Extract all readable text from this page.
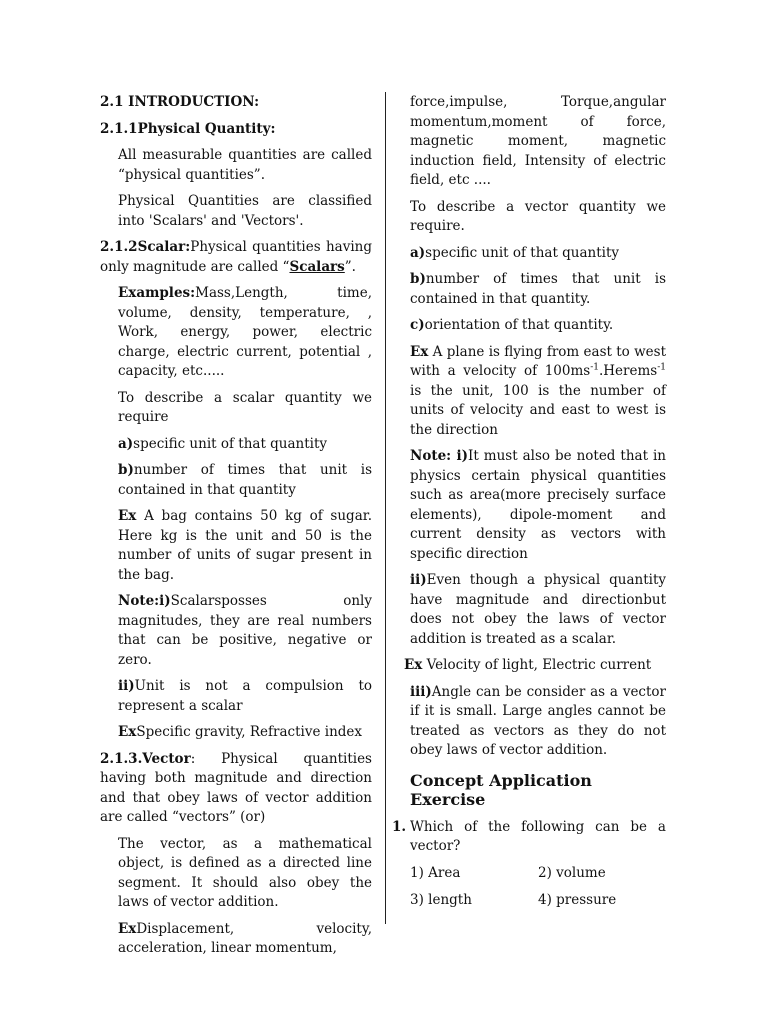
2.1 INTRODUCTION:
2.1.1Physical Quantity:
All measurable quantities are called “physical quantities”.
Physical Quantities are classified into 'Scalars' and 'Vectors'.
2.1.2Scalar:Physical quantities having only magnitude are called “Scalars”.
Examples:Mass,Length, time, volume, density, temperature, , Work, energy, power, electric charge, electric current, potential , capacity, etc.....
To describe a scalar quantity we require
a)specific unit of that quantity
b)number of times that unit is contained in that quantity
Ex A bag contains 50 kg of sugar. Here kg is the unit and 50 is the number of units of sugar present in the bag.
Note:i)Scalarsposses only magnitudes, they are real numbers that can be positive, negative or zero.
ii)Unit is not a compulsion to represent a scalar
ExSpecific gravity, Refractive index
2.1.3.Vector: Physical quantities having both magnitude and direction and that obey laws of vector addition are called “vectors” (or)
The vector, as a mathematical object, is defined as a directed line segment. It should also obey the laws of vector addition.
ExDisplacement, velocity, acceleration, linear momentum,
force,impulse, Torque,angular momentum,moment of force, magnetic moment, magnetic induction field, Intensity of electric field, etc ....
To describe a vector quantity we require.
a)specific unit of that quantity
b)number of times that unit is contained in that quantity.
c)orientation of that quantity.
Ex A plane is flying from east to west with a velocity of $100ms^{-1}.Herems^{-1}$ is the unit, 100 is the number of units of velocity and east to west is the direction
Note: i)It must also be noted that in physics certain physical quantities such as area(more precisely surface elements), dipole-moment and current density as vectors with specific direction
ii)Even though a physical quantity have magnitude and directionbut does not obey the laws of vector addition is treated as a scalar.
Ex Velocity of light, Electric current
iii)Angle can be consider as a vector if it is small. Large angles cannot be treated as vectors as they do not obey laws of vector addition.
Concept Application Exercise
1. Which of the following can be a vector?
1) Area	2) volume
3) length	4) pressure
